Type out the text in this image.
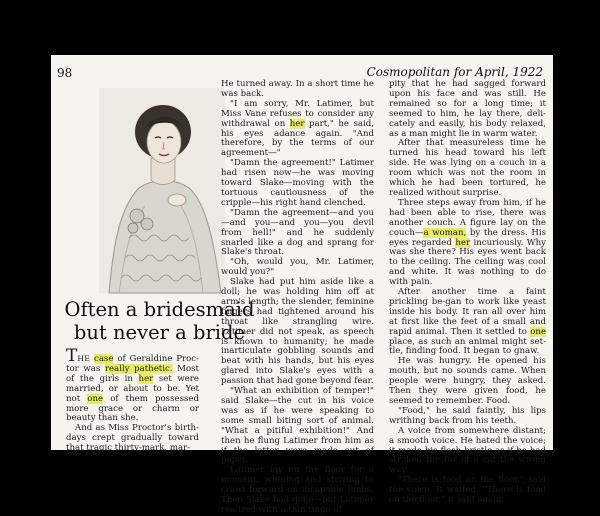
98	Cosmopolitan for April, 1922
Often a bridesmaid
but never a bride

THE case of Geraldine Proc-tor was really pathetic. Most of the girls in her set were married, or about to be. Yet not one of them possessed more grace or charm or beauty than she.

And as Miss Proctor's birth-days crept gradually toward that tragic thirty-mark, mar-

He turned away. In a short time he was back.

"I am sorry, Mr. Latimer, but Miss Vane refuses to consider any withdrawal on her part," he said, his eyes adance again. "And therefore, by the terms of our agreement—"

"Damn the agreement!" Latimer had risen now—he was moving toward Slake—moving with the tortuous cautiousness of the cripple—his right hand clenched.

"Damn the agreement—and you—and you—and you—you devil from hell!" and he suddenly snarled like a dog and sprang for Slake's throat.

"Oh, would you, Mr. Latimer, would you?"

Slake had put him aside like a doll; he was holding him off at arm's length; the slender, feminine fingers had tightened around his throat like strangling wire. Latimer did not speak, as speech is known to humanity; he made inarticulate gobbling sounds and beat with his hands, but his eyes glared into Slake's eyes with a passion that had gone beyond fear.

"What an exhibition of temper!" said Slake—the cut in his voice was as if he were speaking to some small biting sort of animal. "What a pitiful exhibition!" And then he flung Latimer from him as if the latter were made out of paper.

Latimer lay on the floor for a moment, whining and striving to crawl forward on incapable limbs. Then Slake had gone—but Latimer realized with a thin tinge of

pity that he had sagged forward upon his face and was still. He remained so for a long time; it seemed to him, he lay there, deli-cately and easily, his body relaxed, as a man might lie in warm water.

After that measureless time he turned his head toward his left side. He was lying on a couch in a room which was not the room in which he had been tortured, he realized without surprise.

Three steps away from him, if he had been able to rise, there was another couch. A figure lay on the couch—a woman, by the dress. His eyes regarded her incuriously. Why was she there? His eyes went back to the ceiling. The ceiling was cool and white. It was nothing to do with pain.

After another time a faint prickling be-gan to work like yeast inside his body. It ran all over him at first like the feet of a small and rapid animal. Then it settled to one place, as such an animal might set-tle, finding food. It began to gnaw.

He was hungry. He opened his mouth, but no sounds came. When people were hungry, they asked. Then they were given food, he seemed to remember. Food.

"Food," he said faintly, his lips writhing back from his teeth.

A voice from somewhere distant; a smooth voice. He hated the voice; it made his flesh bristle as if he had stroked the fur of a cat the wrong way.

"There is food on the floor," said the voice. It waited. "There is food on the floor," it said again.
